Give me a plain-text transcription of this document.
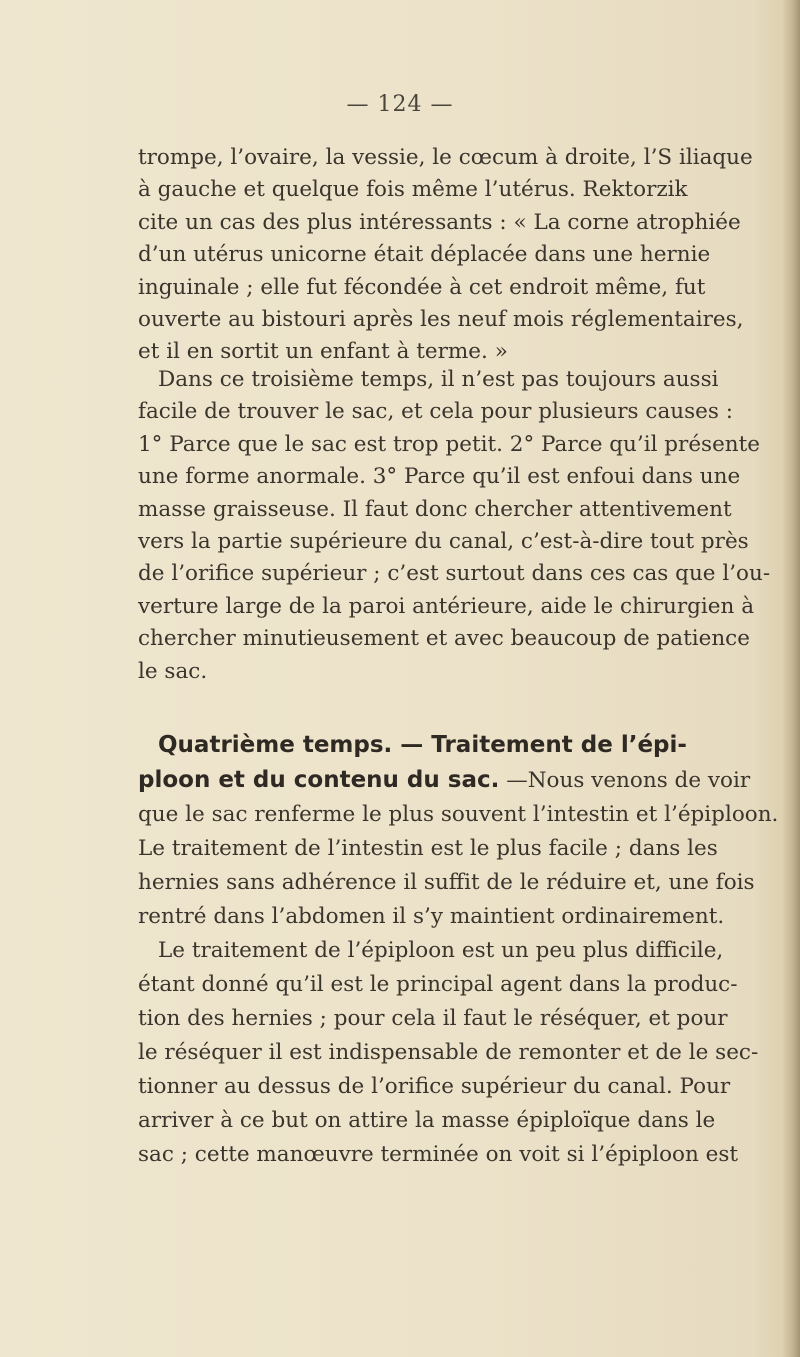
— 124 —
trompe, l’ovaire, la vessie, le cœcum à droite, l’S iliaque
à gauche et quelque fois même l’utérus. Rektorzik
cite un cas des plus intéressants : « La corne atrophiée
d’un utérus unicorne était déplacée dans une hernie
inguinale ; elle fut fécondée à cet endroit même, fut
ouverte au bistouri après les neuf mois réglementaires,
et il en sortit un enfant à terme. »
Dans ce troisième temps, il n’est pas toujours aussi
facile de trouver le sac, et cela pour plusieurs causes :
1° Parce que le sac est trop petit. 2° Parce qu’il présente
une forme anormale. 3° Parce qu’il est enfoui dans une
masse graisseuse. Il faut donc chercher attentivement
vers la partie supérieure du canal, c’est-à-dire tout près
de l’orifice supérieur ; c’est surtout dans ces cas que l’ou-
verture large de la paroi antérieure, aide le chirurgien à
chercher minutieusement et avec beaucoup de patience
le sac.
Quatrième temps. — Traitement de l’épi-
ploon et du contenu du sac. —Nous venons de voir
que le sac renferme le plus souvent l’intestin et l’épiploon.
Le traitement de l’intestin est le plus facile ; dans les
hernies sans adhérence il suffit de le réduire et, une fois
rentré dans l’abdomen il s’y maintient ordinairement.
Le traitement de l’épiploon est un peu plus difficile,
étant donné qu’il est le principal agent dans la produc-
tion des hernies ; pour cela il faut le réséquer, et pour
le réséquer il est indispensable de remonter et de le sec-
tionner au dessus de l’orifice supérieur du canal. Pour
arriver à ce but on attire la masse épiploïque dans le
sac ; cette manœuvre terminée on voit si l’épiploon est
